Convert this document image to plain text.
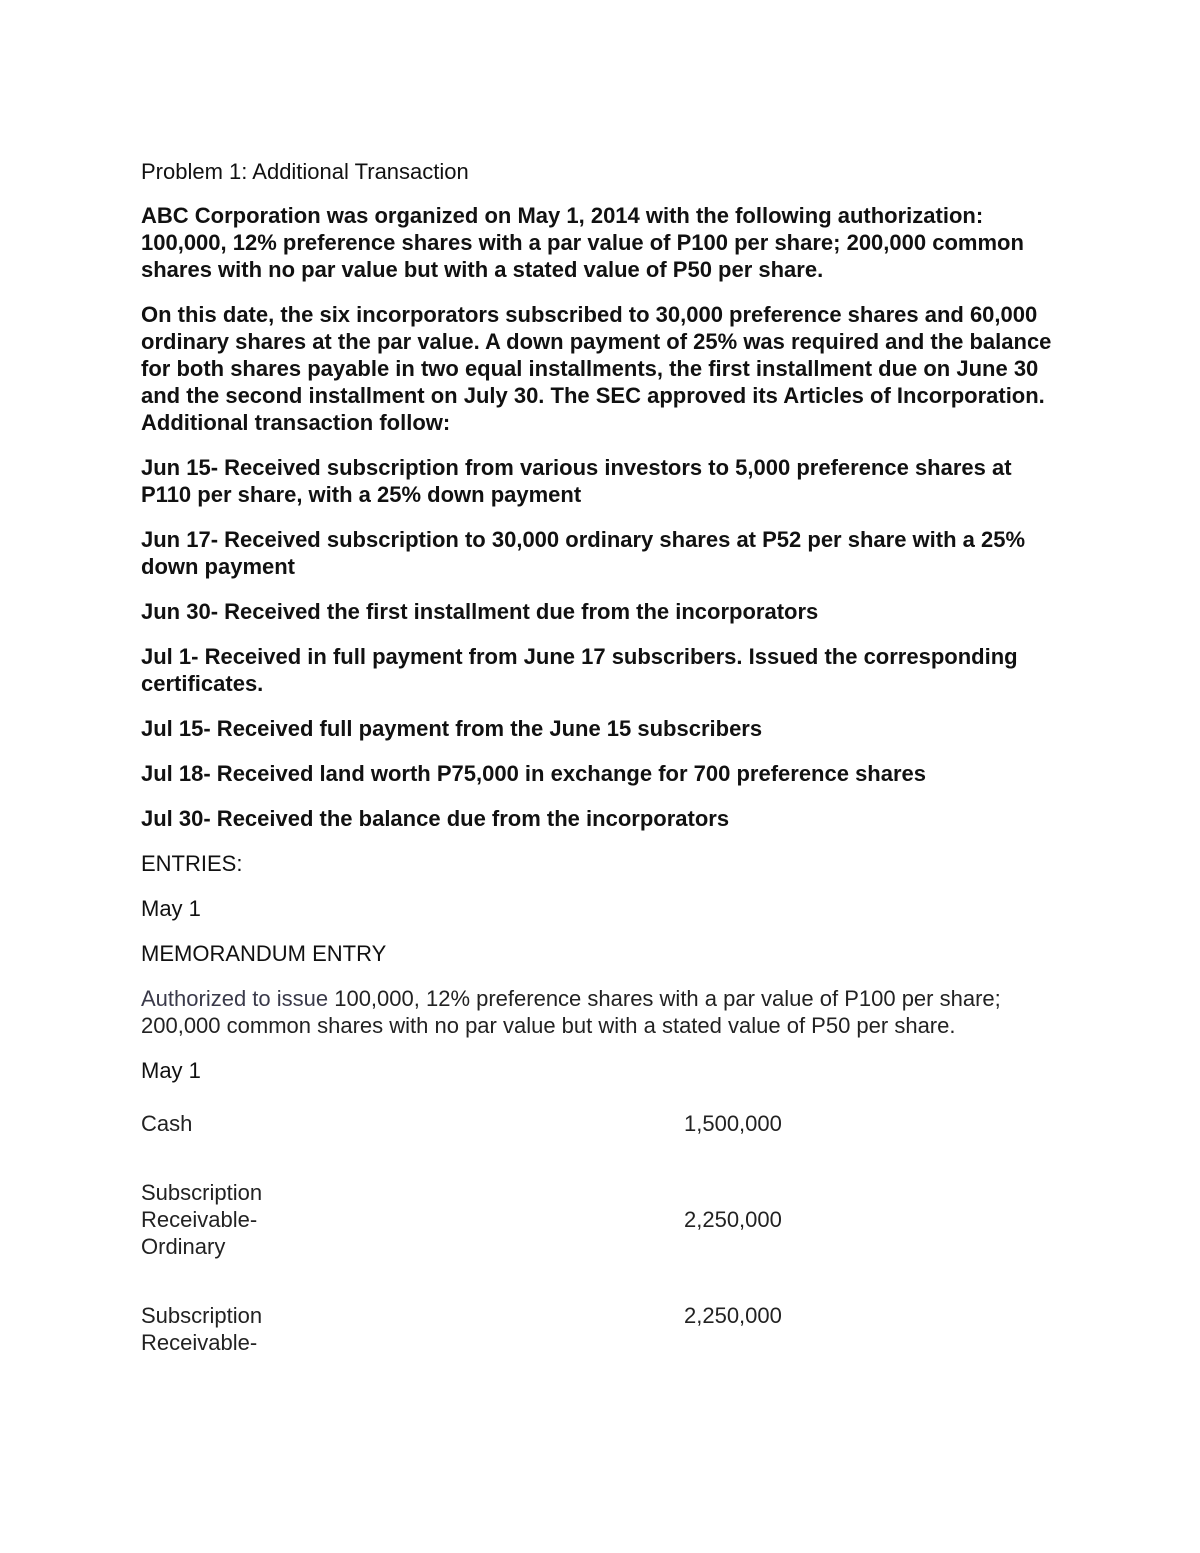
Problem 1: Additional Transaction
ABC Corporation was organized on May 1, 2014 with the following authorization: 100,000, 12% preference shares with a par value of P100 per share; 200,000 common shares with no par value but with a stated value of P50 per share.
On this date, the six incorporators subscribed to 30,000 preference shares and 60,000 ordinary shares at the par value. A down payment of 25% was required and the balance for both shares payable in two equal installments, the first installment due on June 30 and the second installment on July 30. The SEC approved its Articles of Incorporation. Additional transaction follow:
Jun 15- Received subscription from various investors to 5,000 preference shares at P110 per share, with a 25% down payment
Jun 17- Received subscription to 30,000 ordinary shares at P52 per share with a 25% down payment
Jun 30- Received the first installment due from the incorporators
Jul 1- Received in full payment from June 17 subscribers. Issued the corresponding certificates.
Jul 15- Received full payment from the June 15 subscribers
Jul 18- Received land worth P75,000 in exchange for 700 preference shares
Jul 30- Received the balance due from the incorporators
ENTRIES:
May 1
MEMORANDUM ENTRY
Authorized to issue 100,000, 12% preference shares with a par value of P100 per share; 200,000 common shares with no par value but with a stated value of P50 per share.
May 1
Cash	1,500,000
Subscription Receivable-Ordinary
2,250,000
Subscription Receivable-
2,250,000
